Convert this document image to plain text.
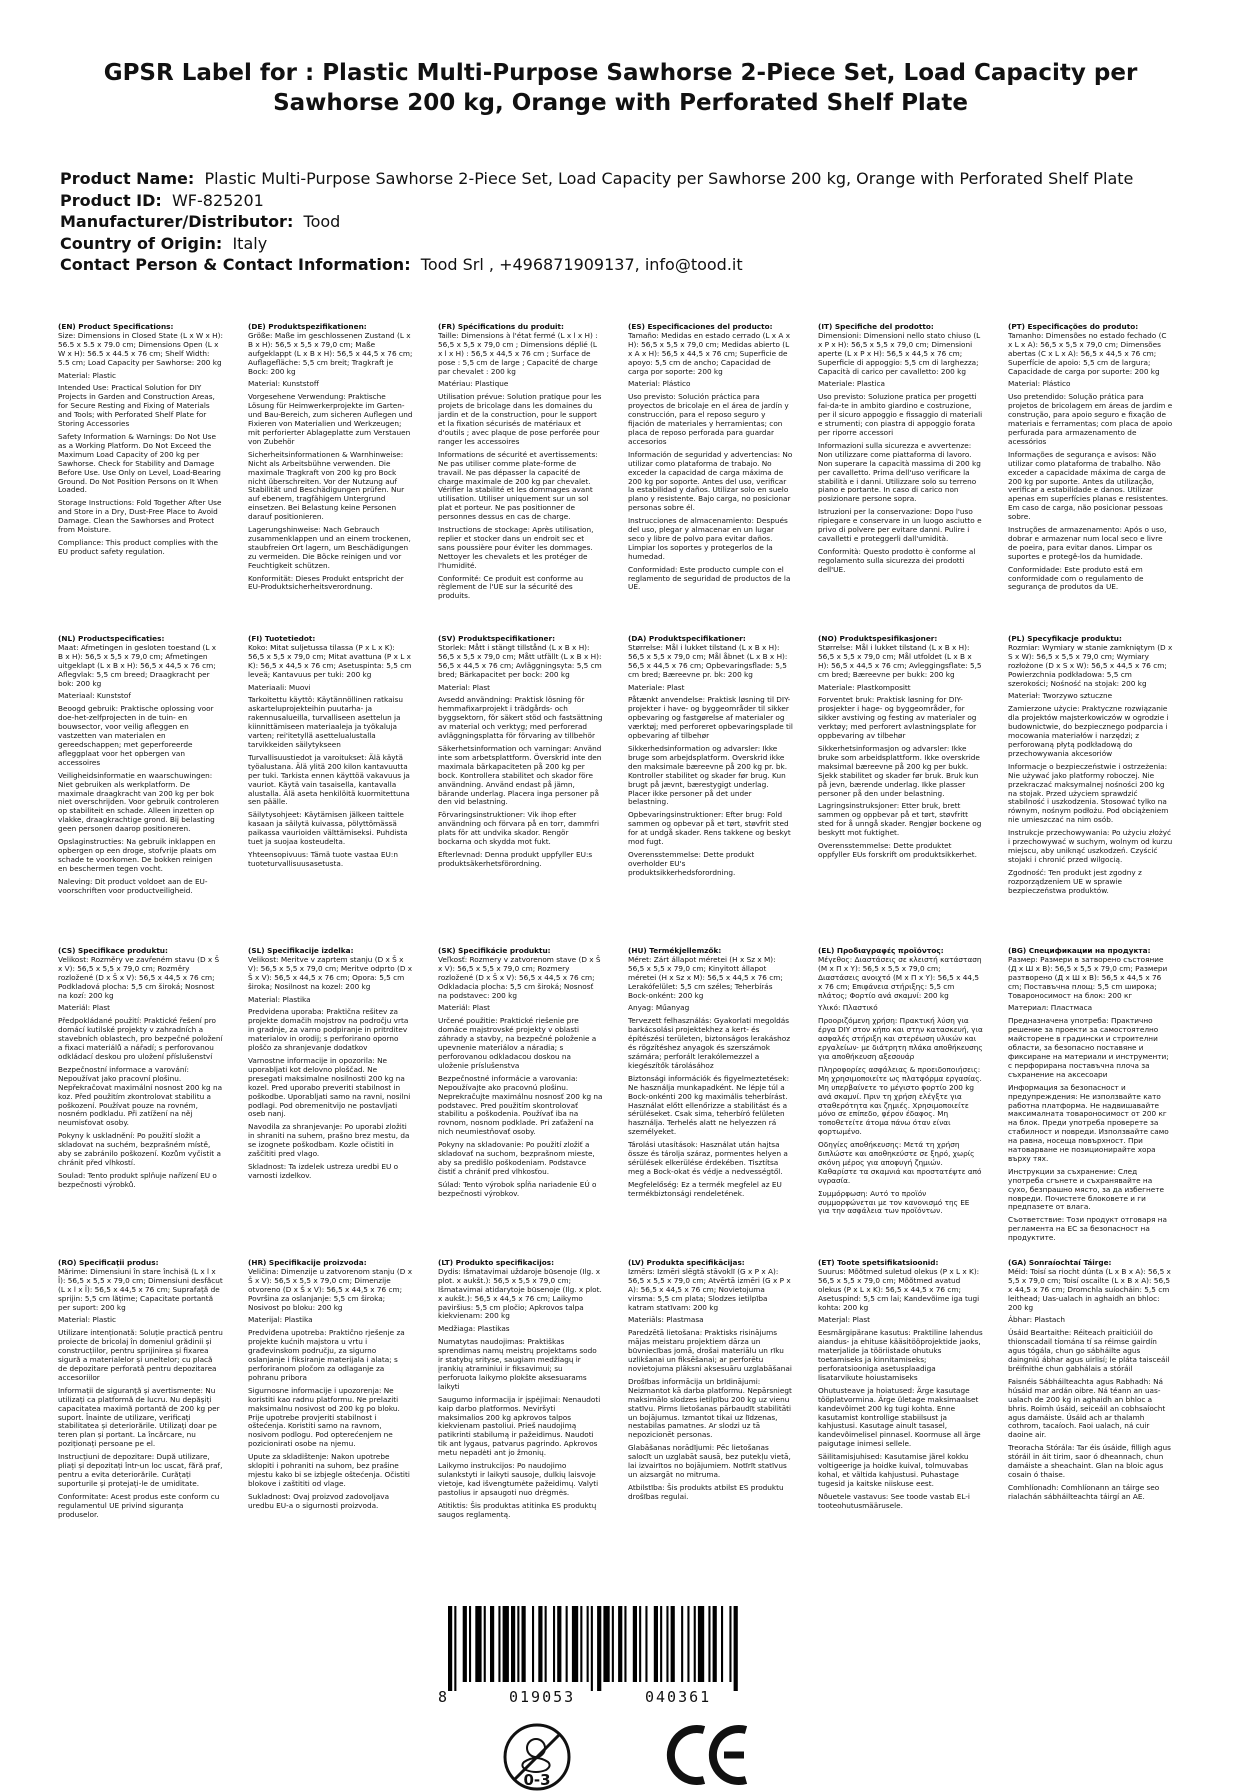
GPSR Label for : Plastic Multi-Purpose Sawhorse 2-Piece Set, Load Capacity per Sawhorse 200 kg, Orange with Perforated Shelf Plate
Product Name: Plastic Multi-Purpose Sawhorse 2-Piece Set, Load Capacity per Sawhorse 200 kg, Orange with Perforated Shelf Plate
Product ID: WF-825201
Manufacturer/Distributor: Tood
Country of Origin: Italy
Contact Person & Contact Information: Tood Srl , +496871909137, info@tood.it
(EN) Product Specifications:

Size: Dimensions in Closed State (L x W x H): 56.5 x 5.5 x 79.0 cm; Dimensions Open (L x W x H): 56.5 x 44.5 x 76 cm; Shelf Width: 5.5 cm; Load Capacity per Sawhorse: 200 kg

Material: Plastic

Intended Use: Practical Solution for DIY Projects in Garden and Construction Areas, for Secure Resting and Fixing of Materials and Tools; with Perforated Shelf Plate for Storing Accessories

Safety Information & Warnings: Do Not Use as a Working Platform. Do Not Exceed the Maximum Load Capacity of 200 kg per Sawhorse. Check for Stability and Damage Before Use. Use Only on Level, Load-Bearing Ground. Do Not Position Persons on It When Loaded.

Storage Instructions: Fold Together After Use and Store in a Dry, Dust-Free Place to Avoid Damage. Clean the Sawhorses and Protect from Moisture.

Compliance: This product complies with the EU product safety regulation.

(DE) Produktspezifikationen:

Größe: Maße im geschlossenen Zustand (L x B x H): 56,5 x 5,5 x 79,0 cm; Maße aufgeklappt (L x B x H): 56,5 x 44,5 x 76 cm; Auflagefläche: 5,5 cm breit; Tragkraft je Bock: 200 kg

Material: Kunststoff

Vorgesehene Verwendung: Praktische Lösung für Heimwerkerprojekte im Garten- und Bau-Bereich, zum sicheren Auflegen und Fixieren von Materialien und Werkzeugen; mit perforierter Ablageplatte zum Verstauen von Zubehör

Sicherheitsinformationen & Warnhinweise: Nicht als Arbeitsbühne verwenden. Die maximale Tragkraft von 200 kg pro Bock nicht überschreiten. Vor der Nutzung auf Stabilität und Beschädigungen prüfen. Nur auf ebenem, tragfähigem Untergrund einsetzen. Bei Belastung keine Personen darauf positionieren.

Lagerungshinweise: Nach Gebrauch zusammenklappen und an einem trockenen, staubfreien Ort lagern, um Beschädigungen zu vermeiden. Die Böcke reinigen und vor Feuchtigkeit schützen.

Konformität: Dieses Produkt entspricht der EU-Produktsicherheitsverordnung.

(FR) Spécifications du produit:

Taille: Dimensions à l'état fermé (L x l x H) : 56,5 x 5,5 x 79,0 cm ; Dimensions déplié (L x l x H) : 56,5 x 44,5 x 76 cm ; Surface de pose : 5,5 cm de large ; Capacité de charge par chevalet : 200 kg

Matériau: Plastique

Utilisation prévue: Solution pratique pour les projets de bricolage dans les domaines du jardin et de la construction, pour le support et la fixation sécurisés de matériaux et d'outils ; avec plaque de pose perforée pour ranger les accessoires

Informations de sécurité et avertissements: Ne pas utiliser comme plate-forme de travail. Ne pas dépasser la capacité de charge maximale de 200 kg par chevalet. Vérifier la stabilité et les dommages avant utilisation. Utiliser uniquement sur un sol plat et porteur. Ne pas positionner de personnes dessus en cas de charge.

Instructions de stockage: Après utilisation, replier et stocker dans un endroit sec et sans poussière pour éviter les dommages. Nettoyer les chevalets et les protéger de l'humidité.

Conformité: Ce produit est conforme au règlement de l'UE sur la sécurité des produits.

(ES) Especificaciones del producto:

Tamaño: Medidas en estado cerrado (L x A x H): 56,5 x 5,5 x 79,0 cm; Medidas abierto (L x A x H): 56,5 x 44,5 x 76 cm; Superficie de apoyo: 5,5 cm de ancho; Capacidad de carga por soporte: 200 kg

Material: Plástico

Uso previsto: Solución práctica para proyectos de bricolaje en el área de jardín y construcción, para el reposo seguro y fijación de materiales y herramientas; con placa de reposo perforada para guardar accesorios

Información de seguridad y advertencias: No utilizar como plataforma de trabajo. No exceder la capacidad de carga máxima de 200 kg por soporte. Antes del uso, verificar la estabilidad y daños. Utilizar solo en suelo plano y resistente. Bajo carga, no posicionar personas sobre él.

Instrucciones de almacenamiento: Después del uso, plegar y almacenar en un lugar seco y libre de polvo para evitar daños. Limpiar los soportes y protegerlos de la humedad.

Conformidad: Este producto cumple con el reglamento de seguridad de productos de la UE.

(IT) Specifiche del prodotto:

Dimensioni: Dimensioni nello stato chiuso (L x P x H): 56,5 x 5,5 x 79,0 cm; Dimensioni aperte (L x P x H): 56,5 x 44,5 x 76 cm; Superficie di appoggio: 5,5 cm di larghezza; Capacità di carico per cavalletto: 200 kg

Materiale: Plastica

Uso previsto: Soluzione pratica per progetti fai-da-te in ambito giardino e costruzione, per il sicuro appoggio e fissaggio di materiali e strumenti; con piastra di appoggio forata per riporre accessori

Informazioni sulla sicurezza e avvertenze: Non utilizzare come piattaforma di lavoro. Non superare la capacità massima di 200 kg per cavalletto. Prima dell'uso verificare la stabilità e i danni. Utilizzare solo su terreno piano e portante. In caso di carico non posizionare persone sopra.

Istruzioni per la conservazione: Dopo l'uso ripiegare e conservare in un luogo asciutto e privo di polvere per evitare danni. Pulire i cavalletti e proteggerli dall'umidità.

Conformità: Questo prodotto è conforme al regolamento sulla sicurezza dei prodotti dell'UE.

(PT) Especificações do produto:

Tamanho: Dimensões no estado fechado (C x L x A): 56,5 x 5,5 x 79,0 cm; Dimensões abertas (C x L x A): 56,5 x 44,5 x 76 cm; Superfície de apoio: 5,5 cm de largura; Capacidade de carga por suporte: 200 kg

Material: Plástico

Uso pretendido: Solução prática para projetos de bricolagem em áreas de jardim e construção, para apoio seguro e fixação de materiais e ferramentas; com placa de apoio perfurada para armazenamento de acessórios

Informações de segurança e avisos: Não utilizar como plataforma de trabalho. Não exceder a capacidade máxima de carga de 200 kg por suporte. Antes da utilização, verificar a estabilidade e danos. Utilizar apenas em superfícies planas e resistentes. Em caso de carga, não posicionar pessoas sobre.

Instruções de armazenamento: Após o uso, dobrar e armazenar num local seco e livre de poeira, para evitar danos. Limpar os suportes e protegê-los da humidade.

Conformidade: Este produto está em conformidade com o regulamento de segurança de produtos da UE.

(NL) Productspecificaties:

Maat: Afmetingen in gesloten toestand (L x B x H): 56,5 x 5,5 x 79,0 cm; Afmetingen uitgeklapt (L x B x H): 56,5 x 44,5 x 76 cm; Aflegvlak: 5,5 cm breed; Draagkracht per bok: 200 kg

Materiaal: Kunststof

Beoogd gebruik: Praktische oplossing voor doe-het-zelfprojecten in de tuin- en bouwsector, voor veilig afleggen en vastzetten van materialen en gereedschappen; met geperforeerde afleggplaat voor het opbergen van accessoires

Veiligheidsinformatie en waarschuwingen: Niet gebruiken als werkplatform. De maximale draagkracht van 200 kg per bok niet overschrijden. Voor gebruik controleren op stabiliteit en schade. Alleen inzetten op vlakke, draagkrachtige grond. Bij belasting geen personen daarop positioneren.

Opslaginstructies: Na gebruik inklappen en opbergen op een droge, stofvrije plaats om schade te voorkomen. De bokken reinigen en beschermen tegen vocht.

Naleving: Dit product voldoet aan de EU-voorschriften voor productveiligheid.

(FI) Tuotetiedot:

Koko: Mitat suljetussa tilassa (P x L x K): 56,5 x 5,5 x 79,0 cm; Mitat avattuna (P x L x K): 56,5 x 44,5 x 76 cm; Asetuspinta: 5,5 cm leveä; Kantavuus per tuki: 200 kg

Materiaali: Muovi

Tarkoitettu käyttö: Käytännöllinen ratkaisu askarteluprojekteihin puutarha- ja rakennusalueilla, turvalliseen asettelun ja kiinnittämiseen materiaaleja ja työkaluja varten; rei'itetyllä asettelualustalla tarvikkeiden säilytykseen

Turvallisuustiedot ja varoitukset: Älä käytä työalustana. Älä ylitä 200 kilon kantavuutta per tuki. Tarkista ennen käyttöä vakavuus ja vauriot. Käytä vain tasaisella, kantavalla alustalla. Älä aseta henkilöitä kuormitettuna sen päälle.

Säilytysohjeet: Käytämisen jälkeen taittele kasaan ja säilytä kuivassa, pölyttömässä paikassa vaurioiden välttämiseksi. Puhdista tuet ja suojaa kosteudelta.

Yhteensopivuus: Tämä tuote vastaa EU:n tuoteturvallisuusasetusta.

(SV) Produktspecifikationer:

Storlek: Mått i stängt tillstånd (L x B x H): 56,5 x 5,5 x 79,0 cm; Mått utfällt (L x B x H): 56,5 x 44,5 x 76 cm; Avläggningsyta: 5,5 cm bred; Bärkapacitet per bock: 200 kg

Material: Plast

Avsedd användning: Praktisk lösning för hemmafixarprojekt i trädgårds- och byggsektorn, för säkert stöd och fastsättning av material och verktyg; med perforerad avläggningsplatta för förvaring av tillbehör

Säkerhetsinformation och varningar: Använd inte som arbetsplattform. Överskrid inte den maximala bärkapaciteten på 200 kg per bock. Kontrollera stabilitet och skador före användning. Använd endast på jämn, bärande underlag. Placera inga personer på den vid belastning.

Förvaringsinstruktioner: Vik ihop efter användning och förvara på en torr, dammfri plats för att undvika skador. Rengör bockarna och skydda mot fukt.

Efterlevnad: Denna produkt uppfyller EU:s produktsäkerhetsförordning.

(DA) Produktspecifikationer:

Størrelse: Mål i lukket tilstand (L x B x H): 56,5 x 5,5 x 79,0 cm; Mål åbnet (L x B x H): 56,5 x 44,5 x 76 cm; Opbevaringsflade: 5,5 cm bred; Bæreevne pr. bk: 200 kg

Materiale: Plast

Påtænkt anvendelse: Praktisk løsning til DIY-projekter i have- og byggeområder til sikker opbevaring og fastgørelse af materialer og værktøj; med perforeret opbevaringsplade til opbevaring af tilbehør

Sikkerhedsinformation og advarsler: Ikke bruge som arbejdsplatform. Overskrid ikke den maksimale bæreevne på 200 kg pr. bk. Kontroller stabilitet og skader før brug. Kun brugt på jævnt, bærestygigt underlag. Placer ikke personer på det under belastning.

Opbevaringsinstruktioner: Efter brug: Fold sammen og opbevar på et tørt, støvfrit sted for at undgå skader. Rens takkene og beskyt mod fugt.

Overensstemmelse: Dette produkt overholder EU's produktsikkerhedsforordning.

(NO) Produktspesifikasjoner:

Størrelse: Mål i lukket tilstand (L x B x H): 56,5 x 5,5 x 79,0 cm; Mål utfoldet (L x B x H): 56,5 x 44,5 x 76 cm; Avleggingsflate: 5,5 cm bred; Bæreevne per bukk: 200 kg

Materiale: Plastkompositt

Forventet bruk: Praktisk løsning for DIY-prosjekter i hage- og byggeområder, for sikker avstiving og festing av materialer og verktøy; med perforert avlastningsplate for oppbevaring av tilbehør

Sikkerhetsinformasjon og advarsler: Ikke bruke som arbeidsplattform. Ikke overskride maksimal bæreevne på 200 kg per bukk. Sjekk stabilitet og skader før bruk. Bruk kun på jevn, bærende underlag. Ikke plasser personer på den under belastning.

Lagringsinstruksjoner: Etter bruk, brett sammen og oppbevar på et tørt, støvfritt sted for å unngå skader. Rengjør bockene og beskytt mot fuktighet.

Overensstemmelse: Dette produktet oppfyller EUs forskrift om produktsikkerhet.

(PL) Specyfikacje produktu:

Rozmiar: Wymiary w stanie zamkniętym (D x S x W): 56,5 x 5,5 x 79,0 cm; Wymiary rozłożone (D x S x W): 56,5 x 44,5 x 76 cm; Powierzchnia podkładowa: 5,5 cm szerokości; Nośność na stojak: 200 kg

Materiał: Tworzywo sztuczne

Zamierzone użycie: Praktyczne rozwiązanie dla projektów majsterkowiczów w ogrodzie i budownictwie, do bezpiecznego podparcia i mocowania materiałów i narzędzi; z perforowaną płytą podkładową do przechowywania akcesoriów

Informacje o bezpieczeństwie i ostrzeżenia: Nie używać jako platformy roboczej. Nie przekraczać maksymalnej nośności 200 kg na stojak. Przed użyciem sprawdzić stabilność i uszkodzenia. Stosować tylko na równym, nośnym podłożu. Pod obciążeniem nie umieszczać na nim osób.

Instrukcje przechowywania: Po użyciu złożyć i przechowywać w suchym, wolnym od kurzu miejscu, aby uniknąć uszkodzeń. Czyścić stojaki i chronić przed wilgocią.

Zgodność: Ten produkt jest zgodny z rozporządzeniem UE w sprawie bezpieczeństwa produktów.

(CS) Specifikace produktu:

Velikost: Rozměry ve zavřeném stavu (D x Š x V): 56,5 x 5,5 x 79,0 cm; Rozměry rozložené (D x Š x V): 56,5 x 44,5 x 76 cm; Podkladová plocha: 5,5 cm široká; Nosnost na kozí: 200 kg

Materiál: Plast

Předpokládané použití: Praktické řešení pro domácí kutilské projekty v zahradních a stavebních oblastech, pro bezpečné položení a fixaci materiálů a nářadí; s perforovanou odkládací deskou pro uložení příslušenství

Bezpečnostní informace a varování: Nepoužívat jako pracovní plošinu. Nepřekračovat maximální nosnost 200 kg na koz. Před použitím zkontrolovat stabilitu a poškození. Používat pouze na rovném, nosném podkladu. Při zatížení na něj neumisťovat osoby.

Pokyny k uskladnění: Po použití složit a skladovat na suchém, bezprašném místě, aby se zabránilo poškození. Kozům vyčistit a chránit před vlhkostí.

Soulad: Tento produkt splňuje nařízení EU o bezpečnosti výrobků.

(SL) Specifikacije izdelka:

Velikost: Meritve v zaprtem stanju (D x Š x V): 56,5 x 5,5 x 79,0 cm; Meritve odprto (D x Š x V): 56,5 x 44,5 x 76 cm; Opora: 5,5 cm široka; Nosilnost na kozel: 200 kg

Material: Plastika

Predvidena uporaba: Praktična rešitev za projekte domačih mojstrov na področju vrta in gradnje, za varno podpiranje in pritrditev materialov in orodij; s perforirano oporno ploščo za shranjevanje dodatkov

Varnostne informacije in opozorila: Ne uporabljati kot delovno ploščad. Ne presegati maksimalne nosilnosti 200 kg na kozel. Pred uporabo preveriti stabilnost in poškodbe. Uporabljati samo na ravni, nosilni podlagi. Pod obremenitvijo ne postavljati oseb nanj.

Navodila za shranjevanje: Po uporabi zložiti in shraniti na suhem, prašno brez mestu, da se izognete poškodbam. Kozle očistiti in zaščititi pred vlago.

Skladnost: Ta izdelek ustreza uredbi EU o varnosti izdelkov.

(SK) Špecifikácie produktu:

Veľkosť: Rozmery v zatvorenom stave (D x Š x V): 56,5 x 5,5 x 79,0 cm; Rozmery rozložené (D x Š x V): 56,5 x 44,5 x 76 cm; Odkladacia plocha: 5,5 cm široká; Nosnosť na podstavec: 200 kg

Materiál: Plast

Určené použitie: Praktické riešenie pre domáce majstrovské projekty v oblasti záhrady a stavby, na bezpečné položenie a upevnenie materiálov a náradia; s perforovanou odkladacou doskou na uloženie príslušenstva

Bezpečnostné informácie a varovania: Nepoužívajte ako pracovnú plošinu. Neprekračujte maximálnu nosnosť 200 kg na podstavec. Pred použitím skontrolovať stabilitu a poškodenia. Používať iba na rovnom, nosnom podklade. Pri zaťažení na nich neumiestňovať osoby.

Pokyny na skladovanie: Po použití zložiť a skladovať na suchom, bezprašnom mieste, aby sa predišlo poškodeniam. Podstavce čistiť a chrániť pred vlhkosťou.

Súlad: Tento výrobok spĺňa nariadenie EÚ o bezpečnosti výrobkov.

(HU) Termékjellemzők:

Méret: Zárt állapot méretei (H x Sz x M): 56,5 x 5,5 x 79,0 cm; Kinyitott állapot méretei (H x Sz x M): 56,5 x 44,5 x 76 cm; Lerakófelület: 5,5 cm széles; Teherbírás Bock-onként: 200 kg

Anyag: Műanyag

Tervezett felhasználás: Gyakorlati megoldás barkácsolási projektekhez a kert- és építészési területen, biztonságos lerakáshoz és rögzítéshez anyagok és szerszámok számára; perforált lerakólemezzel a kiegészítők tárolásához

Biztonsági információk és figyelmeztetések: Ne használja munkapadként. Ne lépje túl a Bock-onkénti 200 kg maximális teherbírást. Használat előtt ellenőrizze a stabilitást és a sérüléseket. Csak sima, teherbíró felületen használja. Terhelés alatt ne helyezzen rá személyeket.

Tárolási utasítások: Használat után hajtsa össze és tárolja száraz, pormentes helyen a sérülések elkerülése érdekében. Tisztítsa meg a Bock-okat és védje a nedvességtől.

Megfelelőség: Ez a termék megfelel az EU termékbiztonsági rendeletének.

(EL) Προδιαγραφές προϊόντος:

Μέγεθος: Διαστάσεις σε κλειστή κατάσταση (Μ x Π x Υ): 56,5 x 5,5 x 79,0 cm; Διαστάσεις ανοιχτό (Μ x Π x Υ): 56,5 x 44,5 x 76 cm; Επιφάνεια στήριξης: 5,5 cm πλάτος; Φορτίο ανά σκαμνί: 200 kg

Υλικό: Πλαστικό

Προοριζόμενη χρήση: Πρακτική λύση για έργα DIY στον κήπο και στην κατασκευή, για ασφαλές στήριξη και στερέωση υλικών και εργαλείων· με διάτρητη πλάκα αποθήκευσης για αποθήκευση αξεσουάρ

Πληροφορίες ασφάλειας & προειδοποιήσεις: Μη χρησιμοποιείτε ως πλατφόρμα εργασίας. Μη υπερβαίνετε το μέγιστο φορτίο 200 kg ανά σκαμνί. Πριν τη χρήση ελέγξτε για σταθερότητα και ζημιές. Χρησιμοποιείτε μόνο σε επίπεδο, φέρον έδαφος. Μη τοποθετείτε άτομα πάνω όταν είναι φορτωμένο.

Οδηγίες αποθήκευσης: Μετά τη χρήση διπλώστε και αποθηκεύστε σε ξηρό, χωρίς σκόνη μέρος για αποφυγή ζημιών. Καθαρίστε τα σκαμνιά και προστατέψτε από υγρασία.

Συμμόρφωση: Αυτό το προϊόν συμμορφώνεται με τον κανονισμό της ΕΕ για την ασφάλεια των προϊόντων.

(BG) Спецификации на продукта:

Размер: Размери в затворено състояние (Д x Ш x В): 56,5 x 5,5 x 79,0 cm; Размери разтворено (Д x Ш x В): 56,5 x 44,5 x 76 cm; Поставъчна площ: 5,5 cm широка; Товароносимост на блок: 200 кг

Материал: Пластмаса

Предназначена употреба: Практично решение за проекти за самостоятелно майсторене в градински и строителни области, за безопасно поставяне и фиксиране на материали и инструменти; с перфорирана поставъчна плоча за съхранение на аксесоари

Информация за безопасност и предупреждения: Не използвайте като работна платформа. Не надвишавайте максималната товароносимост от 200 кг на блок. Преди употреба проверете за стабилност и повреди. Използвайте само на равна, носеща повърхност. При натоварване не позиционирайте хора върху тях.

Инструкции за съхранение: След употреба сгънете и съхранявайте на сухо, безпрашно място, за да избегнете повреди. Почистете блоковете и ги предпазете от влага.

Съответствие: Този продукт отговаря на регламента на ЕС за безопасност на продуктите.

(RO) Specificații produs:

Mărime: Dimensiuni în stare închisă (L x l x Î): 56,5 x 5,5 x 79,0 cm; Dimensiuni desfăcut (L x l x Î): 56,5 x 44,5 x 76 cm; Suprafață de sprijin: 5,5 cm lățime; Capacitate portantă per suport: 200 kg

Material: Plastic

Utilizare intenționată: Soluție practică pentru proiecte de bricolaj în domeniul grădinii și construcțiilor, pentru sprijinirea și fixarea sigură a materialelor și uneltelor; cu placă de depozitare perforată pentru depozitarea accesoriilor

Informații de siguranță și avertismente: Nu utilizați ca platformă de lucru. Nu depășiți capacitatea maximă portantă de 200 kg per suport. Înainte de utilizare, verificați stabilitatea și deteriorările. Utilizați doar pe teren plan și portant. La încărcare, nu poziționați persoane pe el.

Instrucțiuni de depozitare: După utilizare, pliați și depozitați într-un loc uscat, fără praf, pentru a evita deteriorările. Curățați suporturile și protejați-le de umiditate.

Conformitate: Acest produs este conform cu regulamentul UE privind siguranța produselor.

(HR) Specifikacije proizvoda:

Veličina: Dimenzije u zatvorenom stanju (D x Š x V): 56,5 x 5,5 x 79,0 cm; Dimenzije otvoreno (D x Š x V): 56,5 x 44,5 x 76 cm; Površina za oslanjanje: 5,5 cm široka; Nosivost po bloku: 200 kg

Materijal: Plastika

Predviđena upotreba: Praktično rješenje za projekte kućnih majstora u vrtu i građevinskom području, za sigurno oslanjanje i fiksiranje materijala i alata; s perforiranom pločom za odlaganje za pohranu pribora

Sigurnosne informacije i upozorenja: Ne koristiti kao radnu platformu. Ne prelaziti maksimalnu nosivost od 200 kg po bloku. Prije upotrebe provjeriti stabilnost i oštećenja. Koristiti samo na ravnom, nosivom podlogu. Pod opterećenjem ne pozicionirati osobe na njemu.

Upute za skladištenje: Nakon upotrebe sklopiti i pohraniti na suhom, bez prašine mjestu kako bi se izbjegle oštećenja. Očistiti blokove i zaštititi od vlage.

Sukladnost: Ovaj proizvod zadovoljava uredbu EU-a o sigurnosti proizvoda.

(LT) Produkto specifikacijos:

Dydis: Išmatavimai uždaroje būsenoje (Ilg. x plot. x aukšt.): 56,5 x 5,5 x 79,0 cm; Išmatavimai atidarytoje būsenoje (Ilg. x plot. x aukšt.): 56,5 x 44,5 x 76 cm; Laikymo paviršius: 5,5 cm pločio; Apkrovos talpa kiekvienam: 200 kg

Medžiaga: Plastikas

Numatytas naudojimas: Praktiškas sprendimas namų meistrų projektams sodo ir statybų srityse, saugiam medžiagų ir įrankių atraminiui ir fiksavimui; su perforuota laikymo plokšte aksesuarams laikyti

Saugumo informacija ir įspėjimai: Nenaudoti kaip darbo platformos. Neviršyti maksimalios 200 kg apkrovos talpos kiekvienam pastoliui. Prieš naudojimą patikrinti stabilumą ir pažeidimus. Naudoti tik ant lygaus, patvarus pagrindo. Apkrovos metu nepadėti ant jo žmonių.

Laikymo instrukcijos: Po naudojimo sulankstyti ir laikyti sausoje, dulkių laisvoje vietoje, kad išvengtumėte pažeidimų. Valyti pastolius ir apsaugoti nuo drėgmės.

Atitiktis: Šis produktas atitinka ES produktų saugos reglamentą.

(LV) Produkta specifikācijas:

Izmērs: Izmēri slēgtā stāvoklī (G x P x A): 56,5 x 5,5 x 79,0 cm; Atvērtā izmēri (G x P x A): 56,5 x 44,5 x 76 cm; Novietojuma virsma: 5,5 cm plata; Slodzes ietilpība katram statīvam: 200 kg

Materiāls: Plastmasa

Paredzētā lietošana: Praktisks risinājums mājas meistaru projektiem dārza un būvniecības jomā, drošai materiālu un rīku uzlikšanai un fiksēšanai; ar perforētu novietojuma plāksni aksesuāru uzglabāšanai

Drošības informācija un brīdinājumi: Neizmantot kā darba platformu. Nepārsniegt maksimālo slodzes ietilpību 200 kg uz vienu statīvu. Pirms lietošanas pārbaudīt stabilitāti un bojājumus. Izmantot tikai uz līdzenas, nestabilas pamatnes. Ar slodzi uz tā nepozicionēt personas.

Glabāšanas norādījumi: Pēc lietošanas salocīt un uzglabāt sausā, bez putekļu vietā, lai izvairītos no bojājumiem. Notīrīt statīvus un aizsargāt no mitruma.

Atbilstība: Šis produkts atbilst ES produktu drošības regulai.

(ET) Toote spetsifikatsioonid:

Suurus: Mõõtmed suletud olekus (P x L x K): 56,5 x 5,5 x 79,0 cm; Mõõtmed avatud olekus (P x L x K): 56,5 x 44,5 x 76 cm; Asetuspind: 5,5 cm lai; Kandevõime iga tugi kohta: 200 kg

Materjal: Plast

Eesmärgipärane kasutus: Praktiline lahendus aiandus- ja ehituse kääsitööprojektide jaoks, materjalide ja tööriistade ohutuks toetamiseks ja kinnitamiseks; perforatsiooniga asetusplaadiga lisatarvikute hoiustamiseks

Ohutusteave ja hoiatused: Ärge kasutage tööplatvormina. Ärge ületage maksimaalset kandevõimet 200 kg tugi kohta. Enne kasutamist kontrollige stabiilsust ja kahjustusi. Kasutage ainult tasasel, kandevõimelisel pinnasel. Koormuse all ärge paigutage inimesi sellele.

Säilitamisjuhised: Kasutamise järel kokku voltigeerige ja hoidke kuival, tolmuvabas kohal, et vältida kahjustusi. Puhastage tugesid ja kaitske niiskuse eest.

Nõuetele vastavus: See toode vastab EL-i tooteohutusmäärusele.

(GA) Sonraíochtaí Táirge:

Méid: Toisí sa riocht dúnta (L x B x A): 56,5 x 5,5 x 79,0 cm; Toisí oscailte (L x B x A): 56,5 x 44,5 x 76 cm; Dromchla suíocháin: 5,5 cm leithead; Uas-ualach in aghaidh an bhloc: 200 kg

Ábhar: Plastach

Úsáid Beartaithe: Réiteach praiticiúil do thionscadail tíomána tí sa réimse gairdín agus tógála, chun go sábháilte agus daingniú ábhar agus uirlisí; le pláta taisceáil bréifnithe chun gabhálais a stóráil

Faisnéis Sábháilteachta agus Rabhadh: Ná húsáid mar ardán oibre. Ná téann an uas-ualach de 200 kg in aghaidh an bhloc a bhris. Roimh úsáid, seiceáil an cobhsaíocht agus damáiste. Úsáid ach ar thalamh cothrom, tacaíoch. Faoi ualach, ná cuir daoine air.

Treoracha Stórála: Tar éis úsáide, filligh agus stóráil in áit tirim, saor ó dheannach, chun damáiste a sheachaint. Glan na bloic agus cosain ó thaise.

Comhlíonadh: Comhlíonann an táirge seo rialachán sábháilteachta táirgí an AE.

8	019053	040361
0-3
